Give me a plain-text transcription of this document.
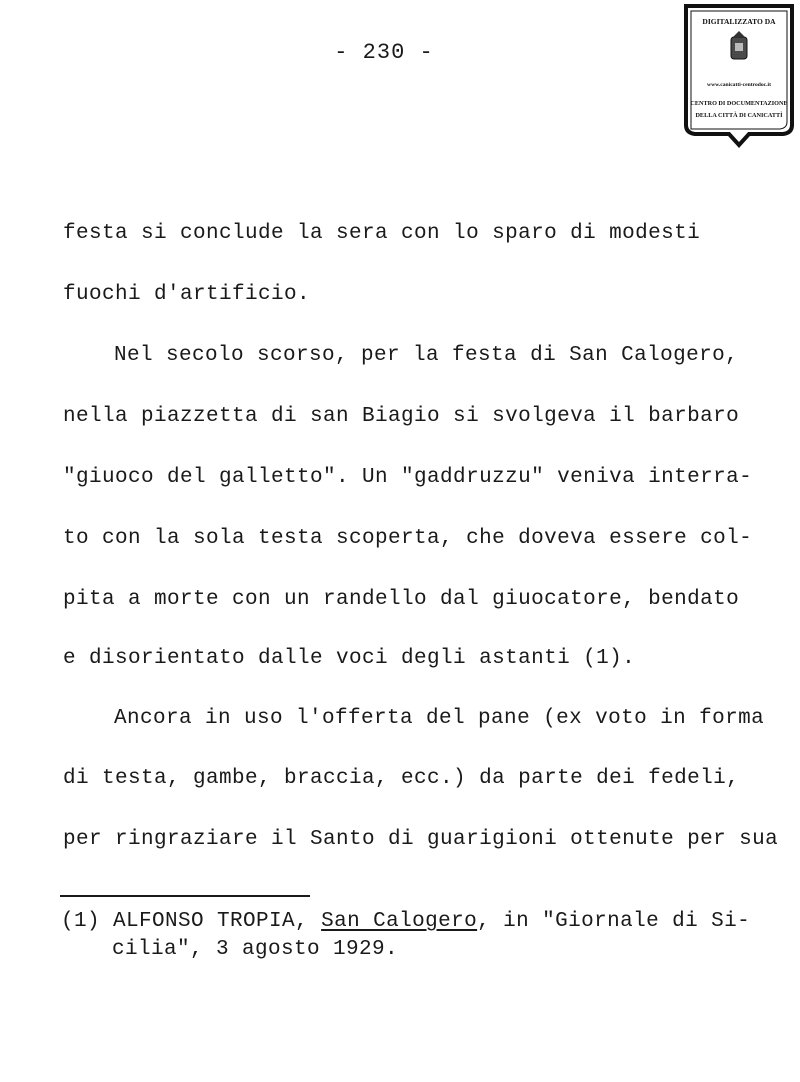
- 230 -
DIGITALIZZATO DA
www.canicatti-centrodoc.it
CENTRO DI DOCUMENTAZIONE
DELLA CITTÀ DI CANICATTÌ
festa si conclude la sera con lo sparo di modesti
fuochi d'artificio.
Nel secolo scorso, per la festa di San Calogero,
nella piazzetta di san Biagio si svolgeva il barbaro
"giuoco del galletto". Un "gaddruzzu" veniva interra-
to con la sola testa scoperta, che doveva essere col-
pita a morte con un randello dal giuocatore, bendato
e disorientato dalle voci degli astanti (1).
Ancora in uso l'offerta del pane (ex voto in forma
di testa, gambe, braccia, ecc.) da parte dei fedeli,
per ringraziare il Santo di guarigioni ottenute per sua
(1) ALFONSO TROPIA, San Calogero, in "Giornale di Si-
cilia", 3 agosto 1929.
